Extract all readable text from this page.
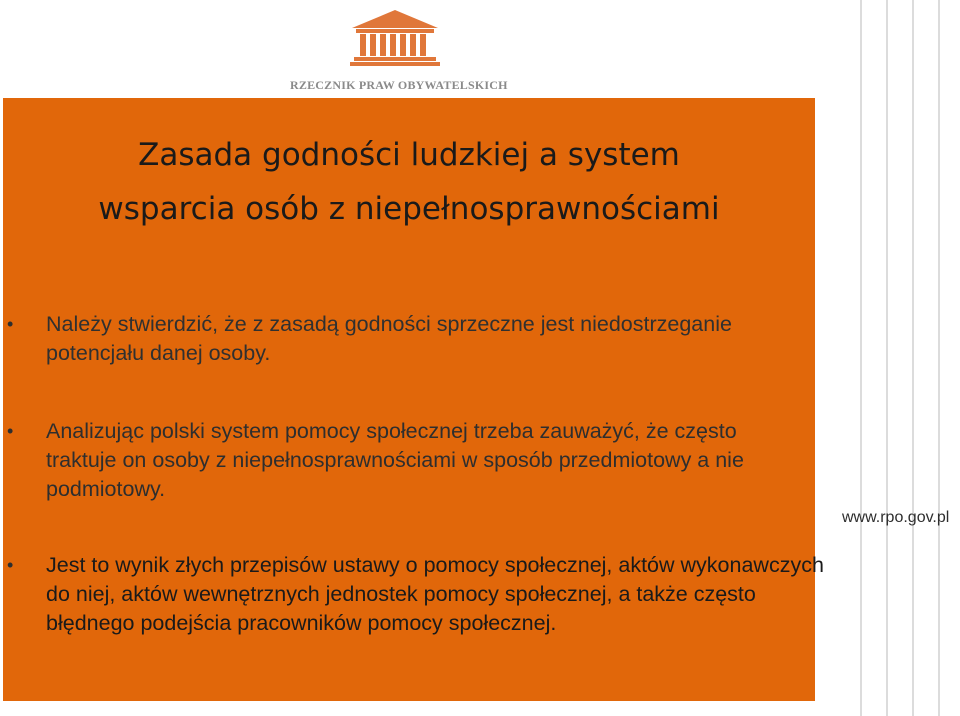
RZECZNIK PRAW OBYWATELSKICH
Zasada godności ludzkiej a system
wsparcia osób z niepełnosprawnościami
• Należy stwierdzić, że z zasadą godności sprzeczne jest niedostrzeganie potencjału danej osoby.
• Analizując polski system pomocy społecznej trzeba zauważyć, że często traktuje on osoby z niepełnosprawnościami w sposób przedmiotowy a nie podmiotowy.
• Jest to wynik złych przepisów ustawy o pomocy społecznej, aktów wykonawczych do niej, aktów wewnętrznych jednostek pomocy społecznej, a także często błędnego podejścia pracowników pomocy społecznej.
www.rpo.gov.pl
